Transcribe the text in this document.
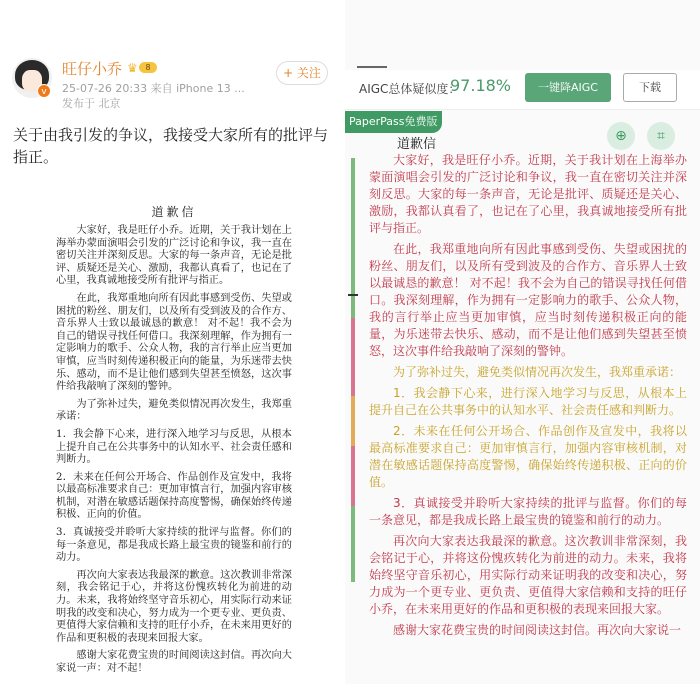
v
旺仔小乔 ♛ 8
25-07-26 20:33 来自 iPhone 13 ...
发布于 北京
+ 关注
关于由我引发的争议，我接受大家所有的批评与指正。
道歉信

大家好，我是旺仔小乔。近期，关于我计划在上海举办蒙面演唱会引发的广泛讨论和争议，我一直在密切关注并深刻反思。大家的每一条声音，无论是批评、质疑还是关心、激励，我都认真看了，也记在了心里，我真诚地接受所有批评与指正。

在此，我郑重地向所有因此事感到受伤、失望或困扰的粉丝、朋友们，以及所有受到波及的合作方、音乐界人士致以最诚恳的歉意！ 对不起！我不会为自己的错误寻找任何借口。我深刻理解，作为拥有一定影响力的歌手、公众人物，我的言行举止应当更加审慎，应当时刻传递积极正向的能量，为乐迷带去快乐、感动，而不是让他们感到失望甚至愤怒，这次事件给我敲响了深刻的警钟。

为了弥补过失，避免类似情况再次发生，我郑重承诺：

1．我会静下心来，进行深入地学习与反思，从根本上提升自己在公共事务中的认知水平、社会责任感和判断力。

2．未来在任何公开场合、作品创作及宣发中，我将以最高标准要求自己：更加审慎言行，加强内容审核机制，对潜在敏感话题保持高度警惕，确保始终传递积极、正向的价值。

3．真诚接受并聆听大家持续的批评与监督。你们的每一条意见，都是我成长路上最宝贵的镜鉴和前行的动力。

再次向大家表达我最深的歉意。这次教训非常深刻，我会铭记于心，并将这份愧疚转化为前进的动力。未来，我将始终坚守音乐初心，用实际行动来证明我的改变和决心，努力成为一个更专业、更负责、更值得大家信赖和支持的旺仔小乔，在未来用更好的作品和更积极的表现来回报大家。

感谢大家花费宝贵的时间阅读这封信。再次向大家说一声：对不起！

AIGC总体疑似度：
97.18%	一键降AIGC	下载
PaperPass免费版
⊕	⌗
道歉信

大家好，我是旺仔小乔。近期，关于我计划在上海举办蒙面演唱会引发的广泛讨论和争议，我一直在密切关注并深刻反思。大家的每一条声音，无论是批评、质疑还是关心、激励，我都认真看了，也记在了心里，我真诚地接受所有批评与指正。

在此，我郑重地向所有因此事感到受伤、失望或困扰的粉丝、朋友们，以及所有受到波及的合作方、音乐界人士致以最诚恳的歉意！ 对不起！我不会为自己的错误寻找任何借口。我深刻理解，作为拥有一定影响力的歌手、公众人物，我的言行举止应当更加审慎，应当时刻传递积极正向的能量，为乐迷带去快乐、感动，而不是让他们感到失望甚至愤怒，这次事件给我敲响了深刻的警钟。

为了弥补过失，避免类似情况再次发生，我郑重承诺：

1．我会静下心来，进行深入地学习与反思，从根本上提升自己在公共事务中的认知水平、社会责任感和判断力。

2．未来在任何公开场合、作品创作及宣发中，我将以最高标准要求自己：更加审慎言行，加强内容审核机制，对潜在敏感话题保持高度警惕，确保始终传递积极、正向的价值。

3．真诚接受并聆听大家持续的批评与监督。你们的每一条意见，都是我成长路上最宝贵的镜鉴和前行的动力。

再次向大家表达我最深的歉意。这次教训非常深刻，我会铭记于心，并将这份愧疚转化为前进的动力。未来，我将始终坚守音乐初心，用实际行动来证明我的改变和决心，努力成为一个更专业、更负责、更值得大家信赖和支持的旺仔小乔，在未来用更好的作品和更积极的表现来回报大家。

感谢大家花费宝贵的时间阅读这封信。再次向大家说一
